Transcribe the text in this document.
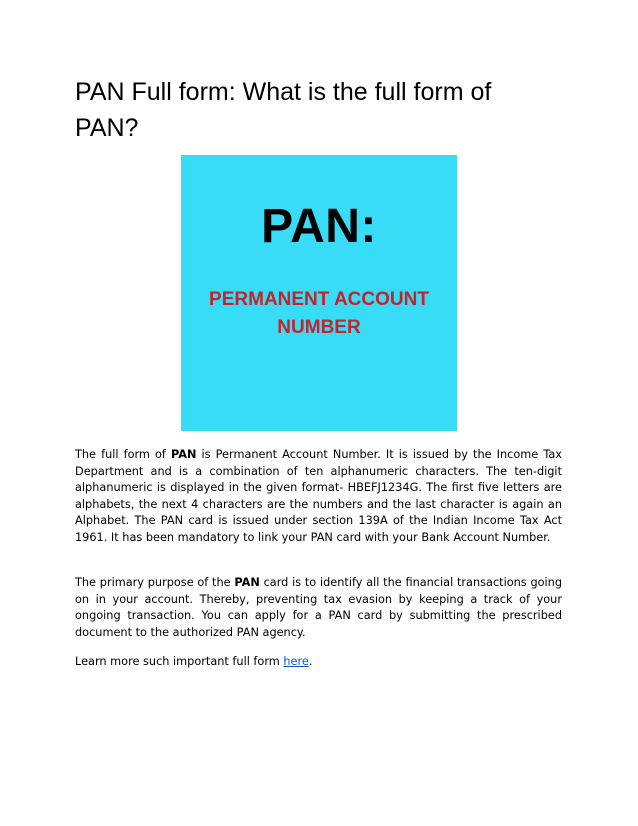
PAN Full form: What is the full form of PAN?
PAN:
PERMANENT ACCOUNT
NUMBER

The full form of PAN is Permanent Account Number. It is issued by the Income Tax Department and is a combination of ten alphanumeric characters. The ten-digit alphanumeric is displayed in the given format- HBEFJ1234G. The first five letters are alphabets, the next 4 characters are the numbers and the last character is again an Alphabet. The PAN card is issued under section 139A of the Indian Income Tax Act 1961. It has been mandatory to link your PAN card with your Bank Account Number.

The primary purpose of the PAN card is to identify all the financial transactions going on in your account. Thereby, preventing tax evasion by keeping a track of your ongoing transaction. You can apply for a PAN card by submitting the prescribed document to the authorized PAN agency.

Learn more such important full form here.
